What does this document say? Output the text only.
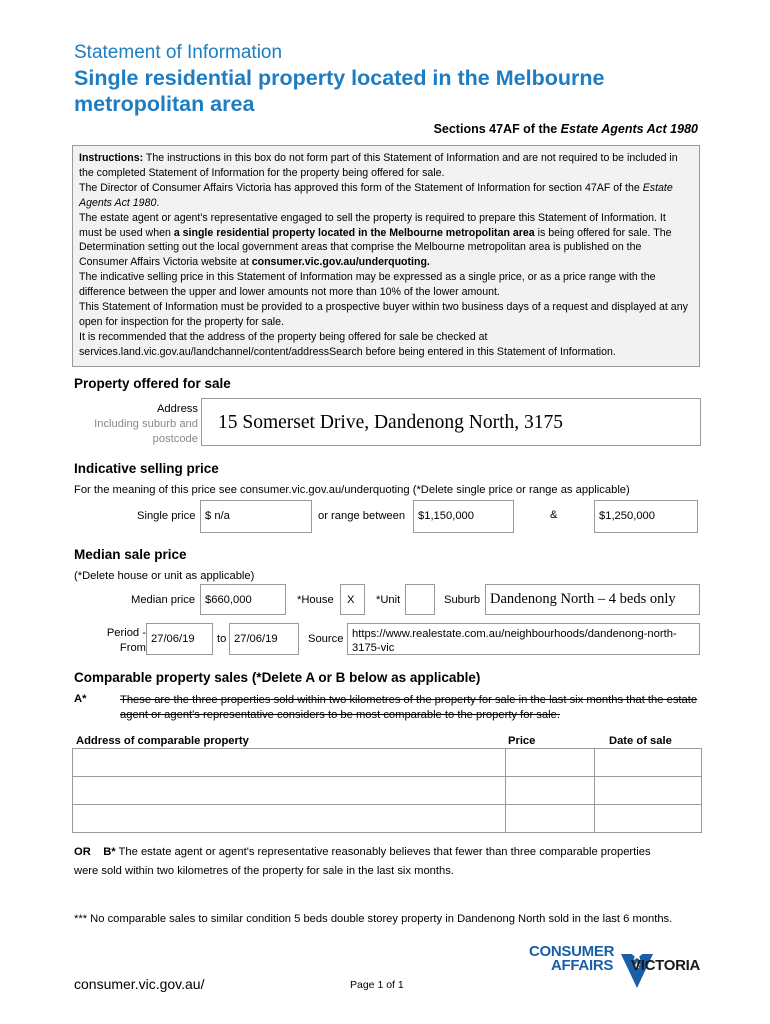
Statement of Information
Single residential property located in the Melbourne metropolitan area
Sections 47AF of the Estate Agents Act 1980

Instructions: The instructions in this box do not form part of this Statement of Information and are not required to be included in the completed Statement of Information for the property being offered for sale.

The Director of Consumer Affairs Victoria has approved this form of the Statement of Information for section 47AF of the Estate Agents Act 1980.

The estate agent or agent's representative engaged to sell the property is required to prepare this Statement of Information. It must be used when a single residential property located in the Melbourne metropolitan area is being offered for sale. The Determination setting out the local government areas that comprise the Melbourne metropolitan area is published on the Consumer Affairs Victoria website at consumer.vic.gov.au/underquoting.

The indicative selling price in this Statement of Information may be expressed as a single price, or as a price range with the difference between the upper and lower amounts not more than 10% of the lower amount.

This Statement of Information must be provided to a prospective buyer within two business days of a request and displayed at any open for inspection for the property for sale.

It is recommended that the address of the property being offered for sale be checked at services.land.vic.gov.au/landchannel/content/addressSearch before being entered in this Statement of Information.

Property offered for sale
Address
Including suburb and
postcode
15 Somerset Drive, Dandenong North, 3175
Indicative selling price
For the meaning of this price see consumer.vic.gov.au/underquoting (*Delete single price or range as applicable)
Single price $ n/a	or range between $1,150,000	&	$1,250,000
Median sale price
(*Delete house or unit as applicable)
Median price $660,000	*House X *Unit	Suburb Dandenong North – 4 beds only
Period -
From
27/06/19 to 27/06/19	Source https://www.realestate.com.au/neighbourhoods/dandenong-north-3175-vic
Comparable property sales (*Delete A or B below as applicable)
A*	These are the three properties sold within two kilometres of the property for sale in the last six months that the estate agent or agent's representative considers to be most comparable to the property for sale.
Address of comparable property	Price	Date of sale

OR B* The estate agent or agent's representative reasonably believes that fewer than three comparable properties
were sold within two kilometres of the property for sale in the last six months.
*** No comparable sales to similar condition 5 beds double storey property in Dandenong North sold in the last 6 months.
consumer.vic.gov.au/	Page 1 of 1
CONSUMER
AFFAIRS VICTORIA
